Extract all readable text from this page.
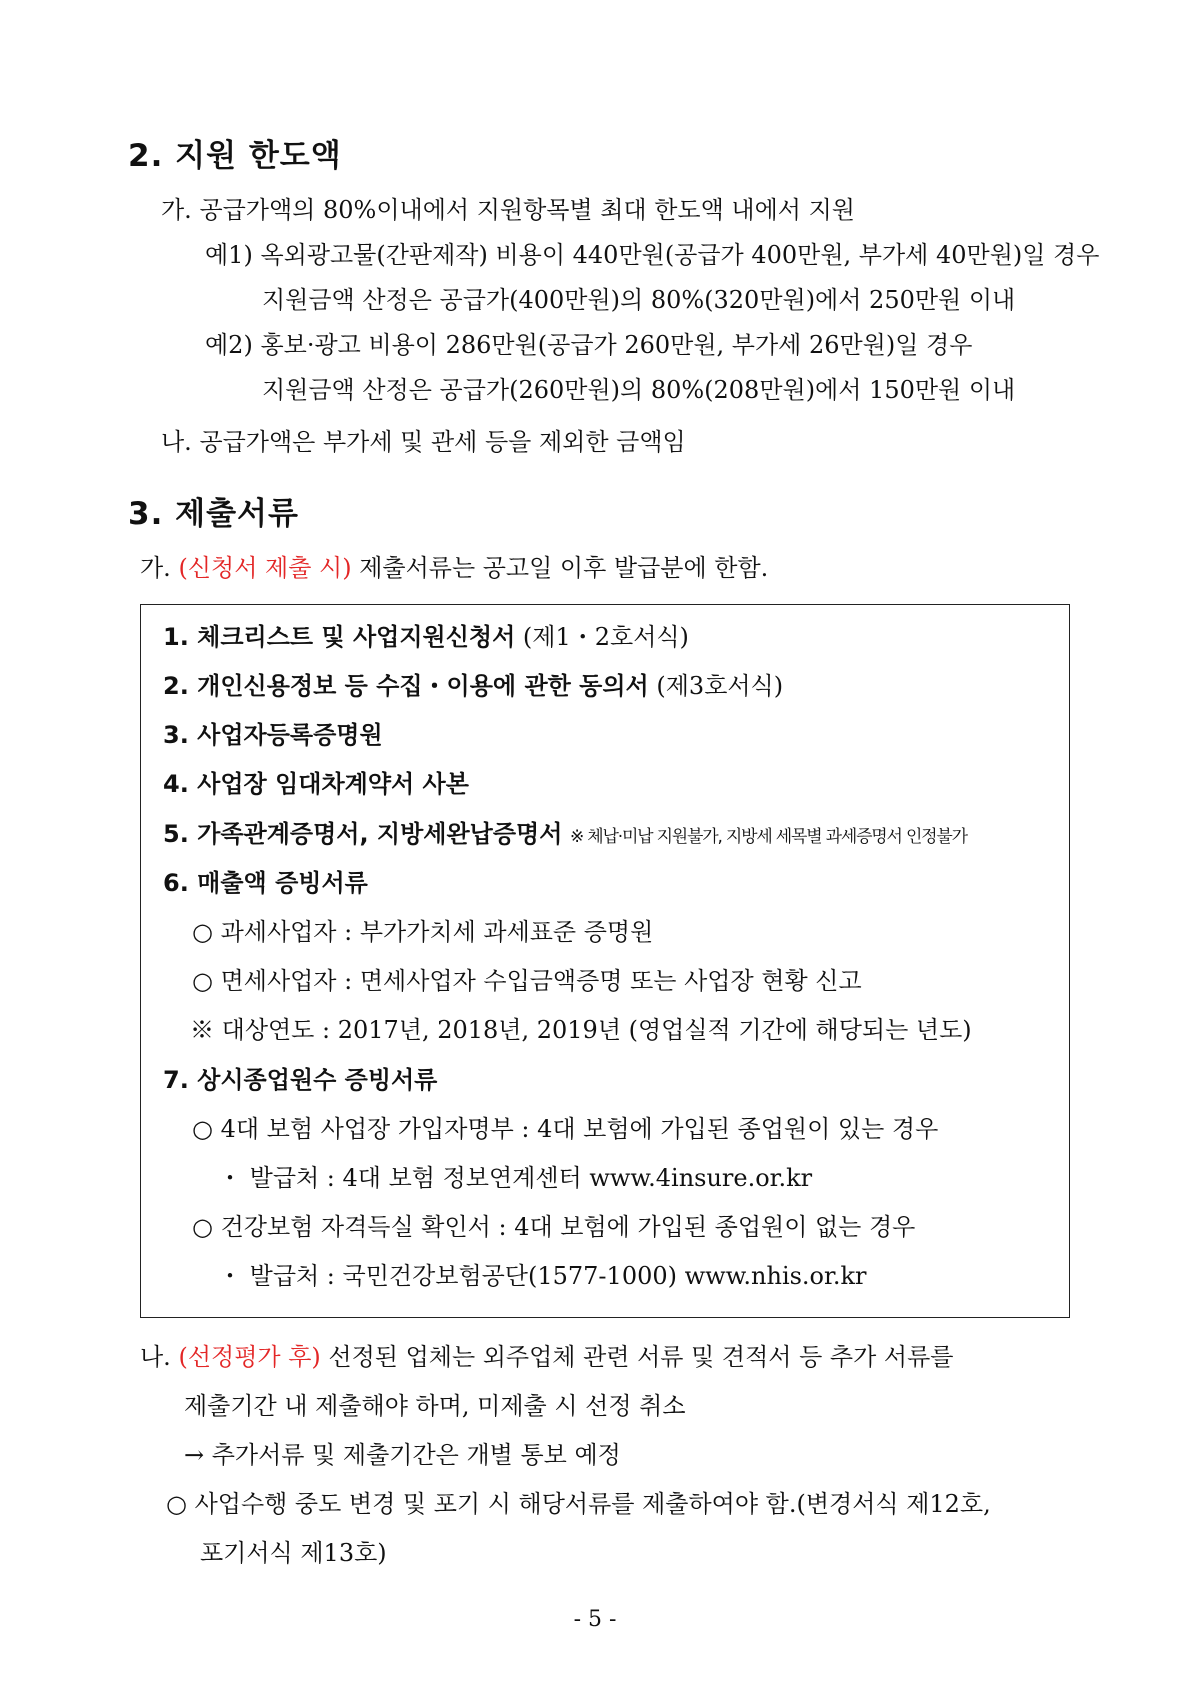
2. 지원 한도액
가. 공급가액의 80%이내에서 지원항목별 최대 한도액 내에서 지원
예1) 옥외광고물(간판제작) 비용이 440만원(공급가 400만원, 부가세 40만원)일 경우
지원금액 산정은 공급가(400만원)의 80%(320만원)에서 250만원 이내
예2) 홍보·광고 비용이 286만원(공급가 260만원, 부가세 26만원)일 경우
지원금액 산정은 공급가(260만원)의 80%(208만원)에서 150만원 이내
나. 공급가액은 부가세 및 관세 등을 제외한 금액임
3. 제출서류
가. (신청서 제출 시) 제출서류는 공고일 이후 발급분에 한함.
1. 체크리스트 및 사업지원신청서 (제1・2호서식)
2. 개인신용정보 등 수집・이용에 관한 동의서 (제3호서식)
3. 사업자등록증명원
4. 사업장 임대차계약서 사본
5. 가족관계증명서, 지방세완납증명서 ※ 체납·미납 지원불가, 지방세 세목별 과세증명서 인정불가
6. 매출액 증빙서류
○ 과세사업자 : 부가가치세 과세표준 증명원
○ 면세사업자 : 면세사업자 수입금액증명 또는 사업장 현황 신고
※ 대상연도 : 2017년, 2018년, 2019년 (영업실적 기간에 해당되는 년도)
7. 상시종업원수 증빙서류
○ 4대 보험 사업장 가입자명부 : 4대 보험에 가입된 종업원이 있는 경우
・ 발급처 : 4대 보험 정보연계센터 www.4insure.or.kr
○ 건강보험 자격득실 확인서 : 4대 보험에 가입된 종업원이 없는 경우
・ 발급처 : 국민건강보험공단(1577-1000) www.nhis.or.kr
나. (선정평가 후) 선정된 업체는 외주업체 관련 서류 및 견적서 등 추가 서류를
제출기간 내 제출해야 하며, 미제출 시 선정 취소
→ 추가서류 및 제출기간은 개별 통보 예정
○ 사업수행 중도 변경 및 포기 시 해당서류를 제출하여야 함.(변경서식 제12호,
포기서식 제13호)
- 5 -
